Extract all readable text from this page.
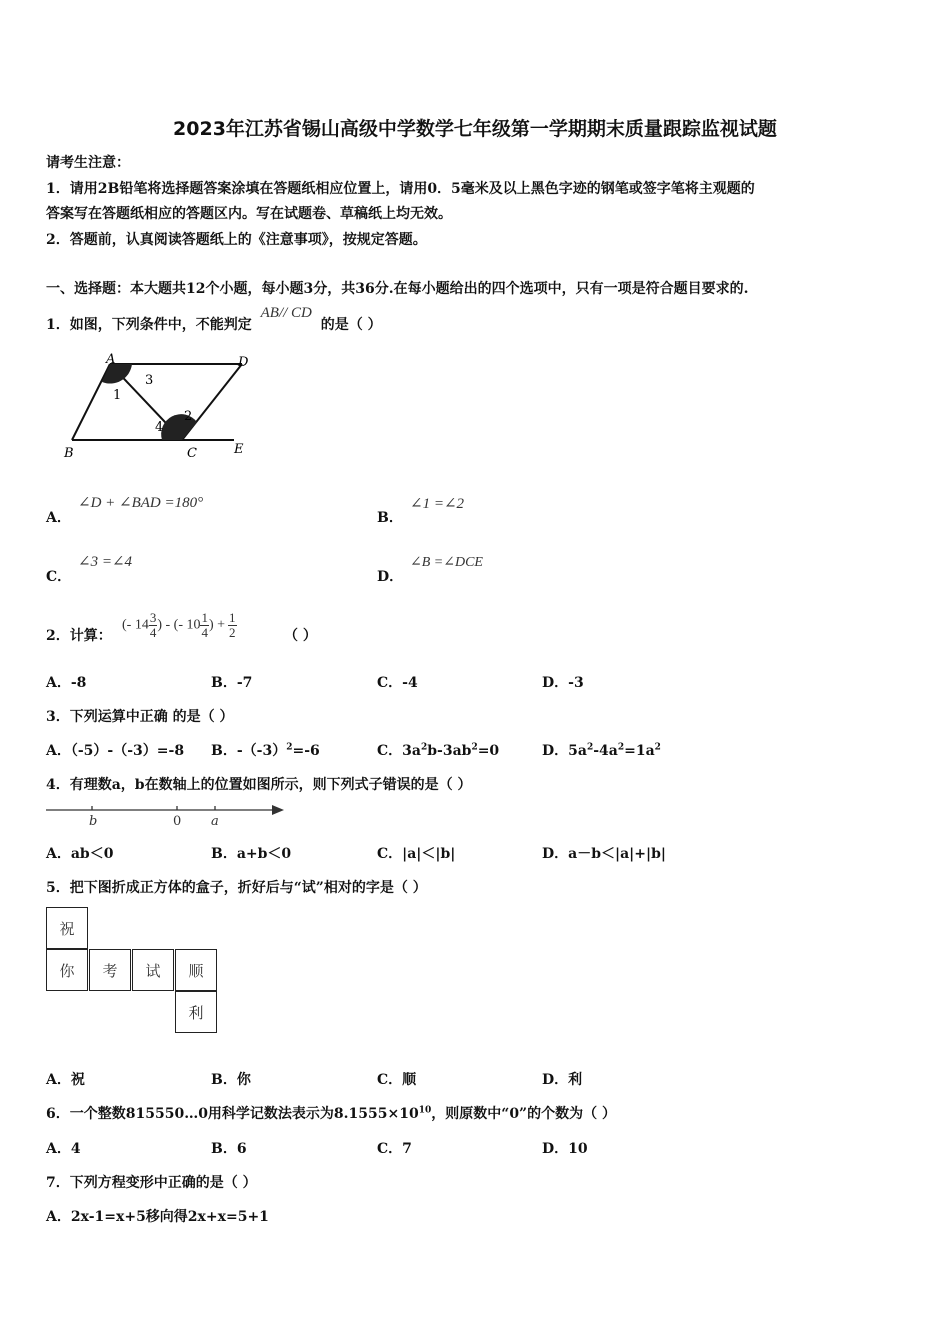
2023年江苏省锡山高级中学数学七年级第一学期期末质量跟踪监视试题
请考生注意：
1．请用2B铅笔将选择题答案涂填在答题纸相应位置上，请用0．5毫米及以上黑色字迹的钢笔或签字笔将主观题的
答案写在答题纸相应的答题区内。写在试题卷、草稿纸上均无效。
2．答题前，认真阅读答题纸上的《注意事项》，按规定答题。
一、选择题：本大题共12个小题，每小题3分，共36分.在每小题给出的四个选项中，只有一项是符合题目要求的.
1．如图，下列条件中，不能判定 AB// CD 的是（ ）
A	D
B	C	E
1
2
3
4
A．
∠D + ∠BAD =180°
B．
∠1 =∠2
C．
∠3 =∠4
D．
∠B =∠DCE
2．计算：
(- $14 \frac{3}{4}$ ) - (- $10 \frac{1}{4}$ ) + $\frac{1}{2}$	（ ）
A．-8	B．-7	C．-4	D．-3
3．下列运算中正确 的是（ ）
A．（-5）-（-3）=-8 B．$-(-3)^2=-6$	C．$3a^2b-3ab^2=0$	D．$5a^2-4a^2=1a^2$
4．有理数a，b在数轴上的位置如图所示，则下列式子错误的是（ ）
b	0 a
A．ab＜0	B．a+b＜0	C．|a|＜|b|	D．a－b＜|a|+|b|
5．把下图折成正方体的盒子，折好后与“试”相对的字是（ ）
祝
你	考	试	顺
利
A．祝	B．你	C．顺	D．利
6．一个整数815550…0用科学记数法表示为$8.1555\times 10^{10}$，则原数中“0”的个数为（ ）
A．4	B．6	C．7	D．10
7．下列方程变形中正确的是（ ）
A．2x-1=x+5移向得2x+x=5+1
